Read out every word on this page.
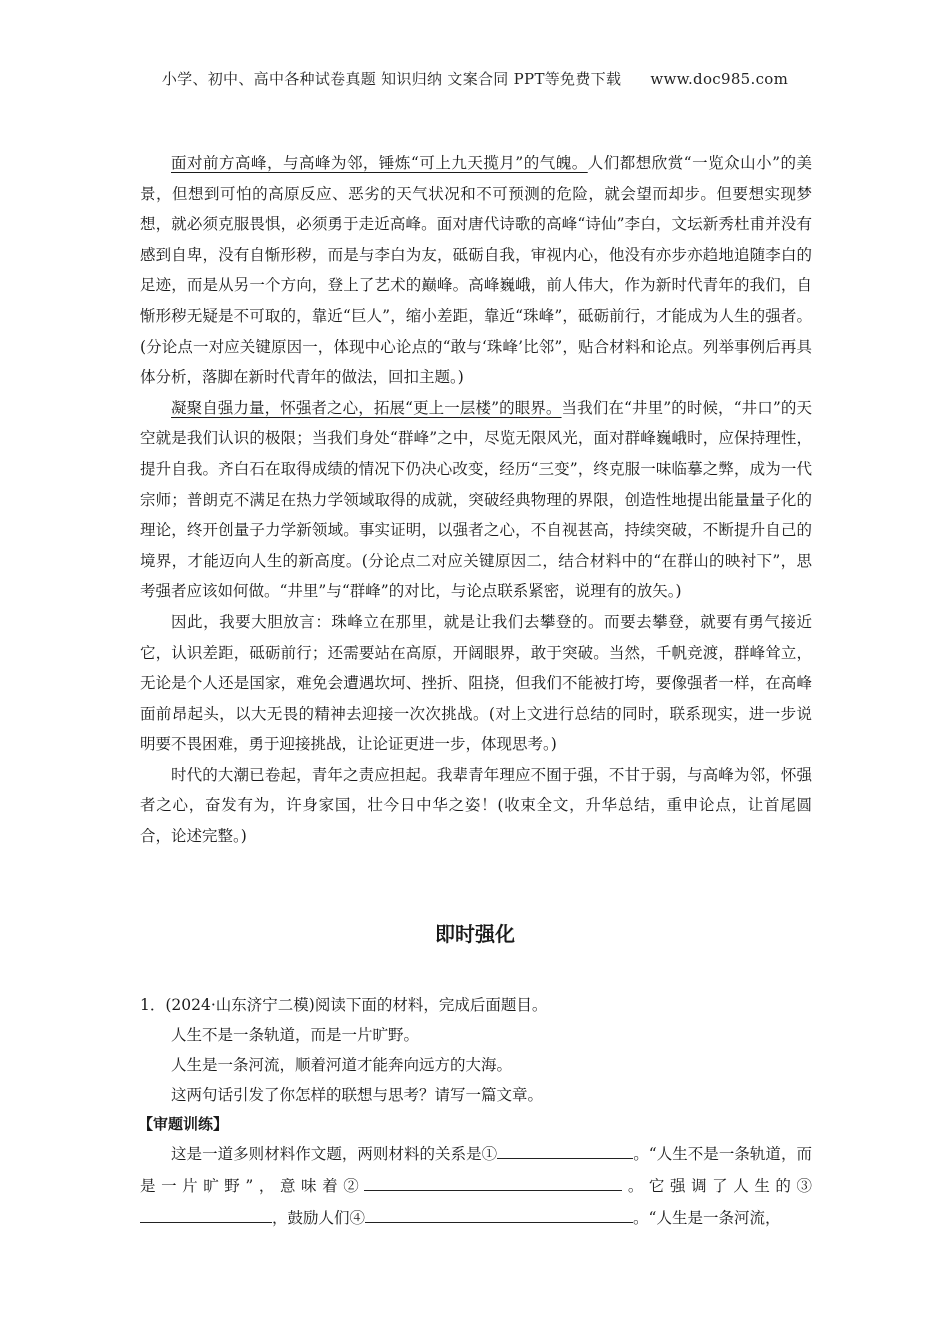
小学、初中、高中各种试卷真题 知识归纳 文案合同 PPT等免费下载 www.doc985.com

面对前方高峰，与高峰为邻，锤炼“可上九天揽月”的气魄。人们都想欣赏“一览众山小”的美景，但想到可怕的高原反应、恶劣的天气状况和不可预测的危险，就会望而却步。但要想实现梦想，就必须克服畏惧，必须勇于走近高峰。面对唐代诗歌的高峰“诗仙”李白，文坛新秀杜甫并没有感到自卑，没有自惭形秽，而是与李白为友，砥砺自我，审视内心，他没有亦步亦趋地追随李白的足迹，而是从另一个方向，登上了艺术的巅峰。高峰巍峨，前人伟大，作为新时代青年的我们，自惭形秽无疑是不可取的，靠近“巨人”，缩小差距，靠近“珠峰”，砥砺前行，才能成为人生的强者。(分论点一对应关键原因一，体现中心论点的“敢与‘珠峰’比邻”，贴合材料和论点。列举事例后再具体分析，落脚在新时代青年的做法，回扣主题。)

凝聚自强力量，怀强者之心，拓展“更上一层楼”的眼界。当我们在“井里”的时候，“井口”的天空就是我们认识的极限；当我们身处“群峰”之中，尽览无限风光，面对群峰巍峨时，应保持理性，提升自我。齐白石在取得成绩的情况下仍决心改变，经历“三变”，终克服一味临摹之弊，成为一代宗师；普朗克不满足在热力学领域取得的成就，突破经典物理的界限，创造性地提出能量量子化的理论，终开创量子力学新领域。事实证明，以强者之心，不自视甚高，持续突破，不断提升自己的境界，才能迈向人生的新高度。(分论点二对应关键原因二，结合材料中的“在群山的映衬下”，思考强者应该如何做。“井里”与“群峰”的对比，与论点联系紧密，说理有的放矢。)

因此，我要大胆放言：珠峰立在那里，就是让我们去攀登的。而要去攀登，就要有勇气接近它，认识差距，砥砺前行；还需要站在高原，开阔眼界，敢于突破。当然，千帆竞渡，群峰耸立，无论是个人还是国家，难免会遭遇坎坷、挫折、阻挠，但我们不能被打垮，要像强者一样，在高峰面前昂起头，以大无畏的精神去迎接一次次挑战。(对上文进行总结的同时，联系现实，进一步说明要不畏困难，勇于迎接挑战，让论证更进一步，体现思考。)

时代的大潮已卷起，青年之责应担起。我辈青年理应不囿于强，不甘于弱，与高峰为邻，怀强者之心，奋发有为，许身家国，壮今日中华之姿！(收束全文，升华总结，重申论点，让首尾圆合，论述完整。)

即时强化

1．(2024·山东济宁二模)阅读下面的材料，完成后面题目。

人生不是一条轨道，而是一片旷野。

人生是一条河流，顺着河道才能奔向远方的大海。

这两句话引发了你怎样的联想与思考？请写一篇文章。

【审题训练】

这是一道多则材料作文题，两则材料的关系是①	。“人生不是一条轨道，而是一片旷野”，意味着②	。它强调了人生的③，鼓励人们④	。“人生是一条河流，
